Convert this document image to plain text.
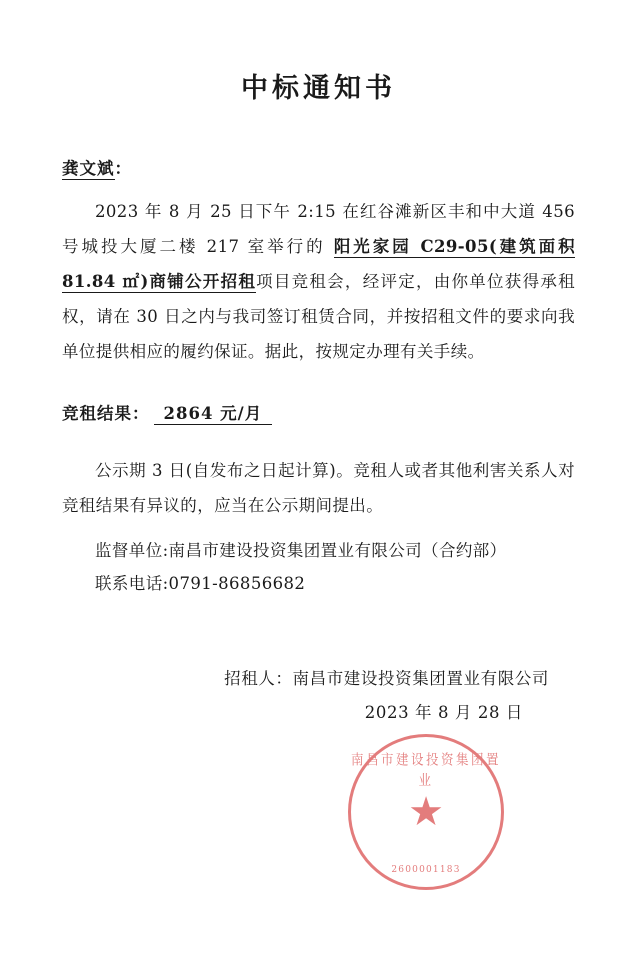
中标通知书
龚文斌：
2023 年 8 月 25 日下午 2:15 在红谷滩新区丰和中大道 456 号城投大厦二楼 217 室举行的 阳光家园 C29-05(建筑面积 81.84 ㎡)商铺公开招租项目竞租会，经评定，由你单位获得承租权，请在 30 日之内与我司签订租赁合同，并按招租文件的要求向我单位提供相应的履约保证。据此，按规定办理有关手续。
竞租结果： 2864 元/月
公示期 3 日(自发布之日起计算)。竞租人或者其他利害关系人对竞租结果有异议的，应当在公示期间提出。
监督单位:南昌市建设投资集团置业有限公司（合约部）
联系电话:0791-86856682
南昌市建设投资集团置业
★
2600001183
招租人：南昌市建设投资集团置业有限公司
2023 年 8 月 28 日
